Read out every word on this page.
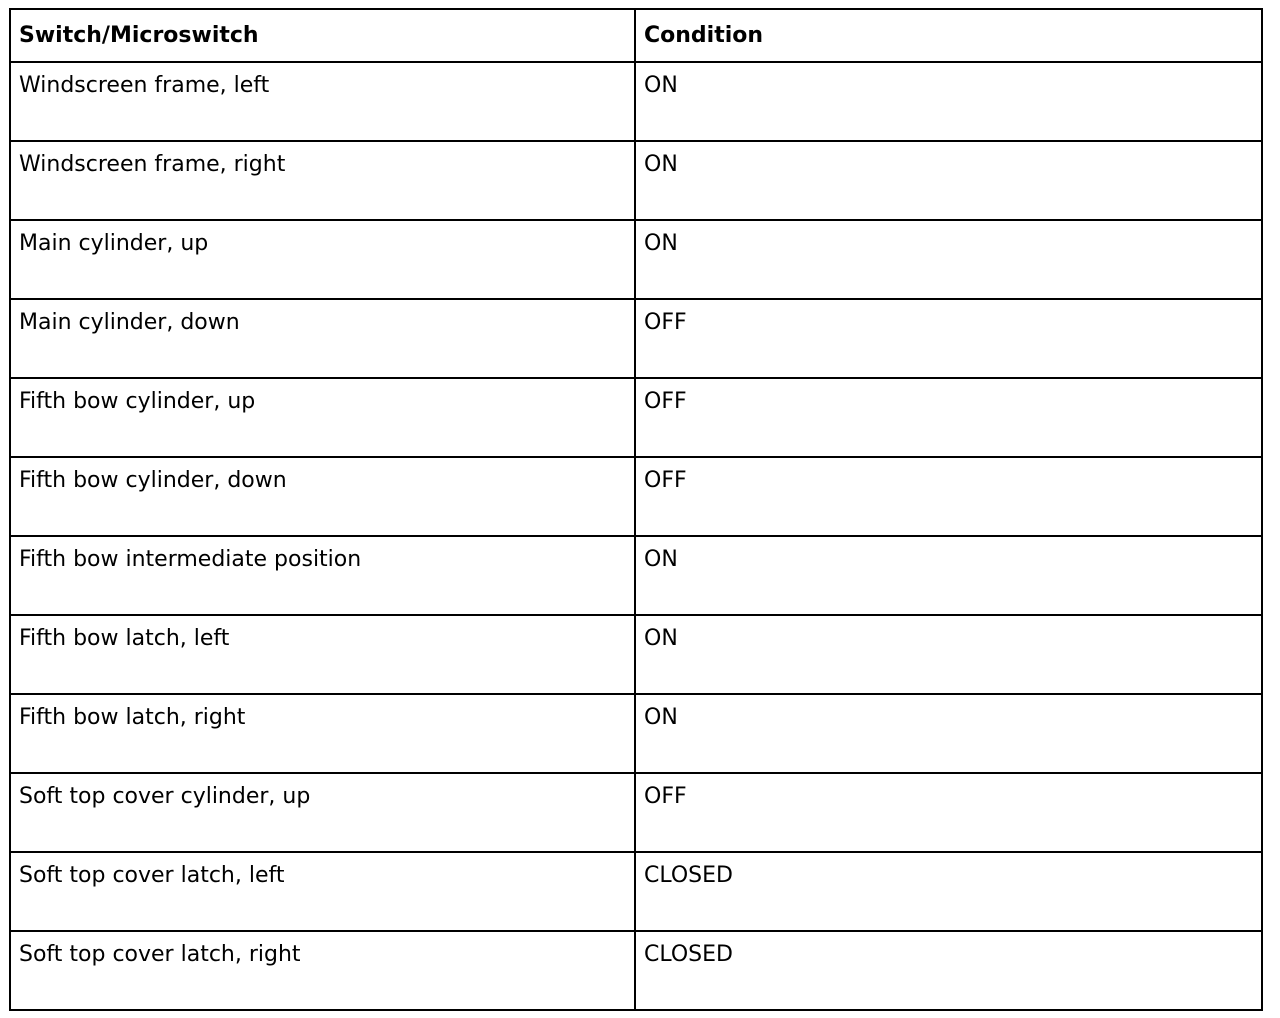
Switch/Microswitch	Condition
Windscreen frame, left	ON
Windscreen frame, right	ON
Main cylinder, up	ON
Main cylinder, down	OFF
Fifth bow cylinder, up	OFF
Fifth bow cylinder, down	OFF
Fifth bow intermediate position	ON
Fifth bow latch, left	ON
Fifth bow latch, right	ON
Soft top cover cylinder, up	OFF
Soft top cover latch, left	CLOSED
Soft top cover latch, right	CLOSED
